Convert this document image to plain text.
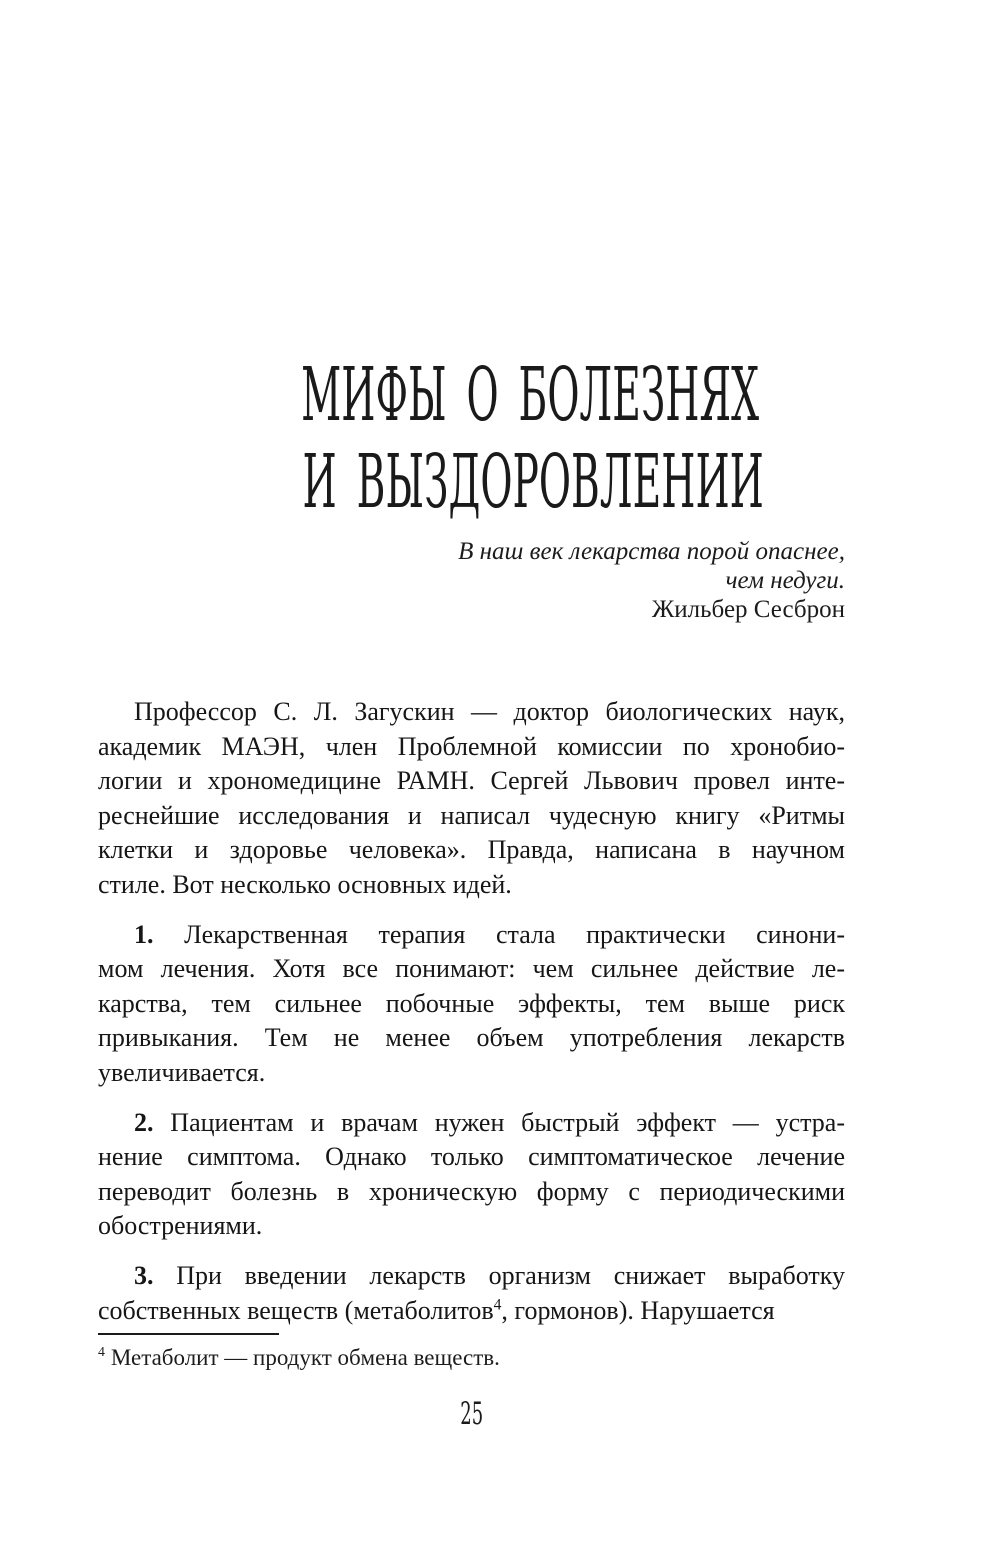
МИФЫ О БОЛЕЗНЯХ
И ВЫЗДОРОВЛЕНИИ
В наш век лекарства порой опаснее,
чем недуги.
Жильбер Сесброн
Профессор С. Л. Загускин — доктор биологических наук,
академик МАЭН, член Проблемной комиссии по хронобио-
логии и хрономедицине РАМН. Сергей Львович провел инте-
реснейшие исследования и написал чудесную книгу «Ритмы
клетки и здоровье человека». Правда, написана в научном
стиле. Вот несколько основных идей.
1. Лекарственная терапия стала практически синони-
мом лечения. Хотя все понимают: чем сильнее действие ле-
карства, тем сильнее побочные эффекты, тем выше риск
привыкания. Тем не менее объем употребления лекарств
увеличивается.
2. Пациентам и врачам нужен быстрый эффект — устра-
нение симптома. Однако только симптоматическое лечение
переводит болезнь в хроническую форму с периодическими
обострениями.
3. При введении лекарств организм снижает выработку
собственных веществ (метаболитов$^4$, гормонов). Нарушается
$^4$ Метаболит — продукт обмена веществ.
25
